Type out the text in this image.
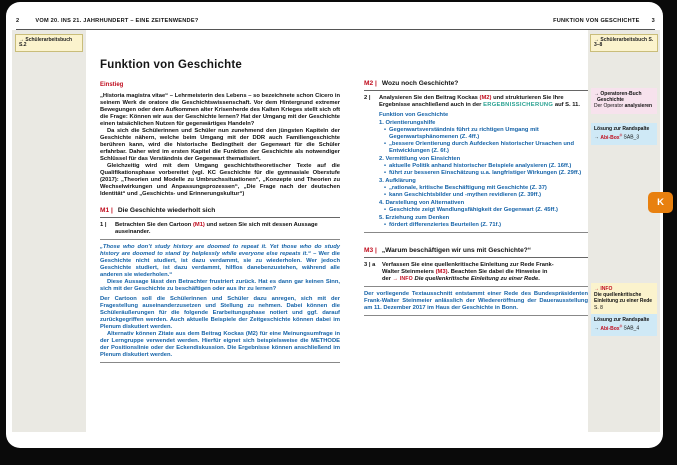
2	VOM 20. INS 21. JAHRHUNDERT – EINE ZEITENWENDE?	FUNKTION VON GESCHICHTE 3
→ Schülerarbeitsbuch S.2
→ Schülerarbeitsbuch S. 3–8
Funktion von Geschichte
Einstieg

„Historia magistra vitae“ – Lehrmeisterin des Lebens – so bezeichnete schon Cicero in seinem Werk de oratore die Geschichtswissenschaft. Vor dem Hintergrund extremer Bewegungen oder dem Aufkommen alter Krisenherde des Kalten Krieges stellt sich oft die Frage: Können wir aus der Geschichte lernen? Hat der Umgang mit der Geschichte einen tatsächlichen Nutzen für gegenwärtiges Handeln?

Da sich die Schülerinnen und Schüler nun zunehmend den jüngsten Kapiteln der Geschichte nähern, welche beim Umgang mit der DDR auch Familiengeschichte berühren kann, wird die historische Bedingtheit der Gegenwart für die Schüler erfahrbar. Daher wird im ersten Kapitel die Funktion der Geschichte als notwendiger Schlüssel für das Verständnis der Gegenwart thematisiert.

Gleichzeitig wird mit dem Umgang geschichtstheoretischer Texte auf die Qualifikationsphase vorbereitet (vgl. KC Geschichte für die gymnasiale Oberstufe (2017): „Theorien und Modelle zu Umbruchssituationen“, „Konzepte und Theorien zu Wechselwirkungen und Anpassungsprozessen“, „Die Frage nach der deutschen Identität“ und „Geschichts- und Erinnerungskultur“)

M1 | Die Geschichte wiederholt sich
1 |	Betrachten Sie den Cartoon (M1) und setzen Sie sich mit dessen Aussage auseinander.

„Those who don’t study history are doomed to repeat it. Yet those who do study history are doomed to stand by helplessly while everyone else repeats it.“ – Wer die Geschichte nicht studiert, ist dazu verdammt, sie zu wiederholen. Wer jedoch Geschichte studiert, ist dazu verdammt, hilflos danebenzustehen, während alle anderen sie wiederholen.“

Diese Aussage lässt den Betrachter frustriert zurück. Hat es dann gar keinen Sinn, sich mit der Geschichte zu beschäftigen oder aus ihr zu lernen?

Der Cartoon soll die Schülerinnen und Schüler dazu anregen, sich mit der Fragestellung auseinanderzusetzen und Stellung zu nehmen. Dabei können die Schüleräußerungen für die folgende Erarbeitungsphase notiert und ggf. darauf zurückgegriffen werden. Auch aktuelle Beispiele der Zeitgeschichte können dabei im Plenum diskutiert werden.

Alternativ können Zitate aus dem Beitrag Kockas (M2) für eine Meinungsumfrage in der Lerngruppe verwendet werden. Hierfür eignet sich beispielsweise die METHODE der Positionslinie oder der Eckendiskussion. Die Ergebnisse können anschließend im Plenum diskutiert werden.

M2 | Wozu noch Geschichte?
2 |	Analysieren Sie den Beitrag Kockas (M2) und strukturieren Sie Ihre Ergebnisse anschließend auch in der ERGEBNISSICHERUNG auf S. 11.
Funktion von Geschichte
1. Orientierungshilfe
• Gegenwartsverständnis führt zu richtigen Umgang mit Gegenwartsphänomenen (Z. 4ff.)
• „bessere Orientierung durch Aufdecken historischer Ursachen und Entwicklungen (Z. 6f.)
2. Vermittlung von Einsichten
• aktuelle Politik anhand historischer Beispiele analysieren (Z. 16ff.)
• führt zur besseren Einschätzung u.a. langfristiger Wirkungen (Z. 29ff.)
3. Aufklärung
• „rationale, kritische Beschäftigung mit Geschichte (Z. 37)
• kann Geschichtsbilder und -mythen revidieren (Z. 39ff.)
4. Darstellung von Alternativen
• Geschichte zeigt Wandlungsfähigkeit der Gegenwart (Z. 45ff.)
5. Erziehung zum Denken
• fördert differenziertes Beurteilen (Z. 71f.)
M3 | „Warum beschäftigen wir uns mit Geschichte?“
3 | a	Verfassen Sie eine quellenkritische Einleitung zur Rede Frank-Walter Steinmeiers (M3). Beachten Sie dabei die Hinweise in der → INFO Die quellenkritische Einleitung zu einer Rede.

Der vorliegende Textausschnitt entstammt einer Rede des Bundespräsidenten Frank-Walter Steinmeier anlässlich der Wiedereröffnung der Dauerausstellung am 11. Dezember 2017 im Haus der Geschichte in Bonn.

→ Operatoren-Buch
Geschichte
Der Operator analysieren
Lösung zur Randspalte → Abi-Box® SAB_3
→ INFO
Die quellenkritische Einleitung zu einer Rede S. 8
Lösung zur Randspalte → Abi-Box® SAB_4
K
